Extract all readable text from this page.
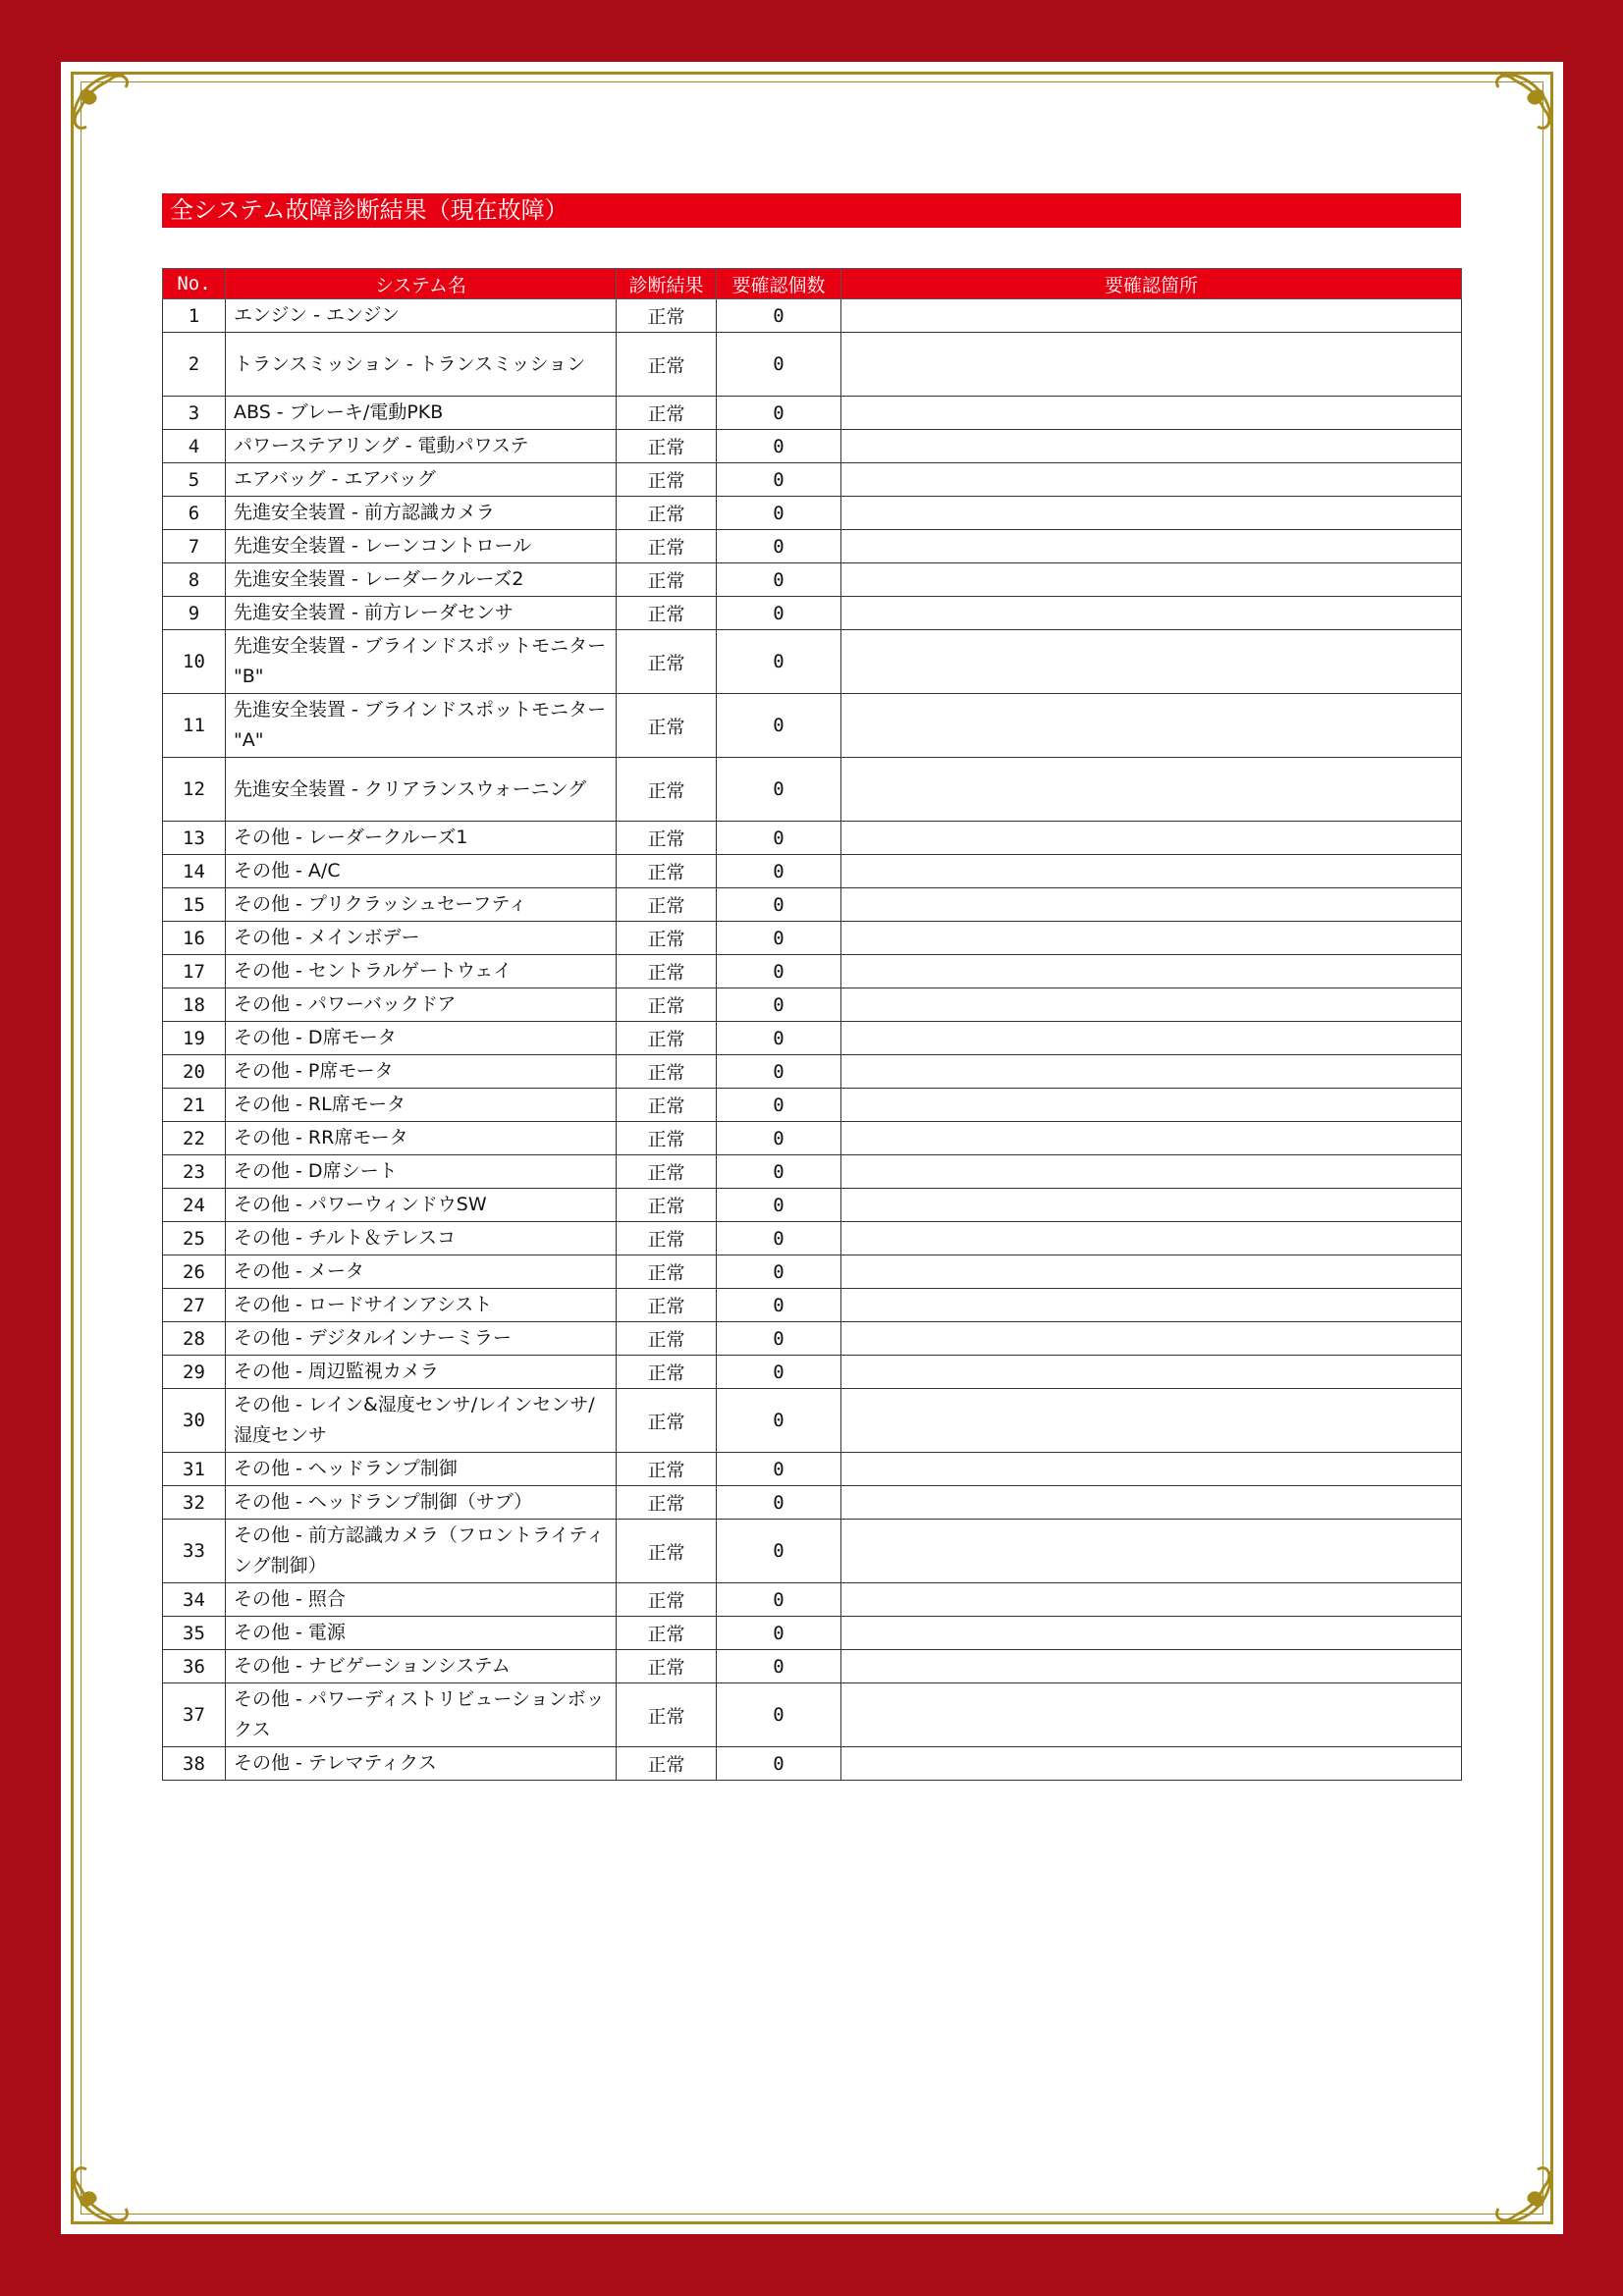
全システム故障診断結果（現在故障）
No.	システム名	診断結果	要確認個数	要確認箇所
1	エンジン - エンジン	正常	0	
2	トランスミッション - トランスミッション	正常	0	
3	ABS - ブレーキ/電動PKB	正常	0	
4	パワーステアリング - 電動パワステ	正常	0	
5	エアバッグ - エアバッグ	正常	0	
6	先進安全装置 - 前方認識カメラ	正常	0	
7	先進安全装置 - レーンコントロール	正常	0	
8	先進安全装置 - レーダークルーズ2	正常	0	
9	先進安全装置 - 前方レーダセンサ	正常	0	
10	先進安全装置 - ブラインドスポットモニター "B"	正常	0	
11	先進安全装置 - ブラインドスポットモニター "A"	正常	0	
12	先進安全装置 - クリアランスウォーニング	正常	0	
13	その他 - レーダークルーズ1	正常	0	
14	その他 - A/C	正常	0	
15	その他 - プリクラッシュセーフティ	正常	0	
16	その他 - メインボデー	正常	0	
17	その他 - セントラルゲートウェイ	正常	0	
18	その他 - パワーバックドア	正常	0	
19	その他 - D席モータ	正常	0	
20	その他 - P席モータ	正常	0	
21	その他 - RL席モータ	正常	0	
22	その他 - RR席モータ	正常	0	
23	その他 - D席シート	正常	0	
24	その他 - パワーウィンドウSW	正常	0	
25	その他 - チルト＆テレスコ	正常	0	
26	その他 - メータ	正常	0	
27	その他 - ロードサインアシスト	正常	0	
28	その他 - デジタルインナーミラー	正常	0	
29	その他 - 周辺監視カメラ	正常	0	
30	その他 - レイン&湿度センサ/レインセンサ/湿度センサ	正常	0	
31	その他 - ヘッドランプ制御	正常	0	
32	その他 - ヘッドランプ制御（サブ）	正常	0	
33	その他 - 前方認識カメラ（フロントライティング制御）	正常	0	
34	その他 - 照合	正常	0	
35	その他 - 電源	正常	0	
36	その他 - ナビゲーションシステム	正常	0	
37	その他 - パワーディストリビューションボックス	正常	0	
38	その他 - テレマティクス	正常	0	
